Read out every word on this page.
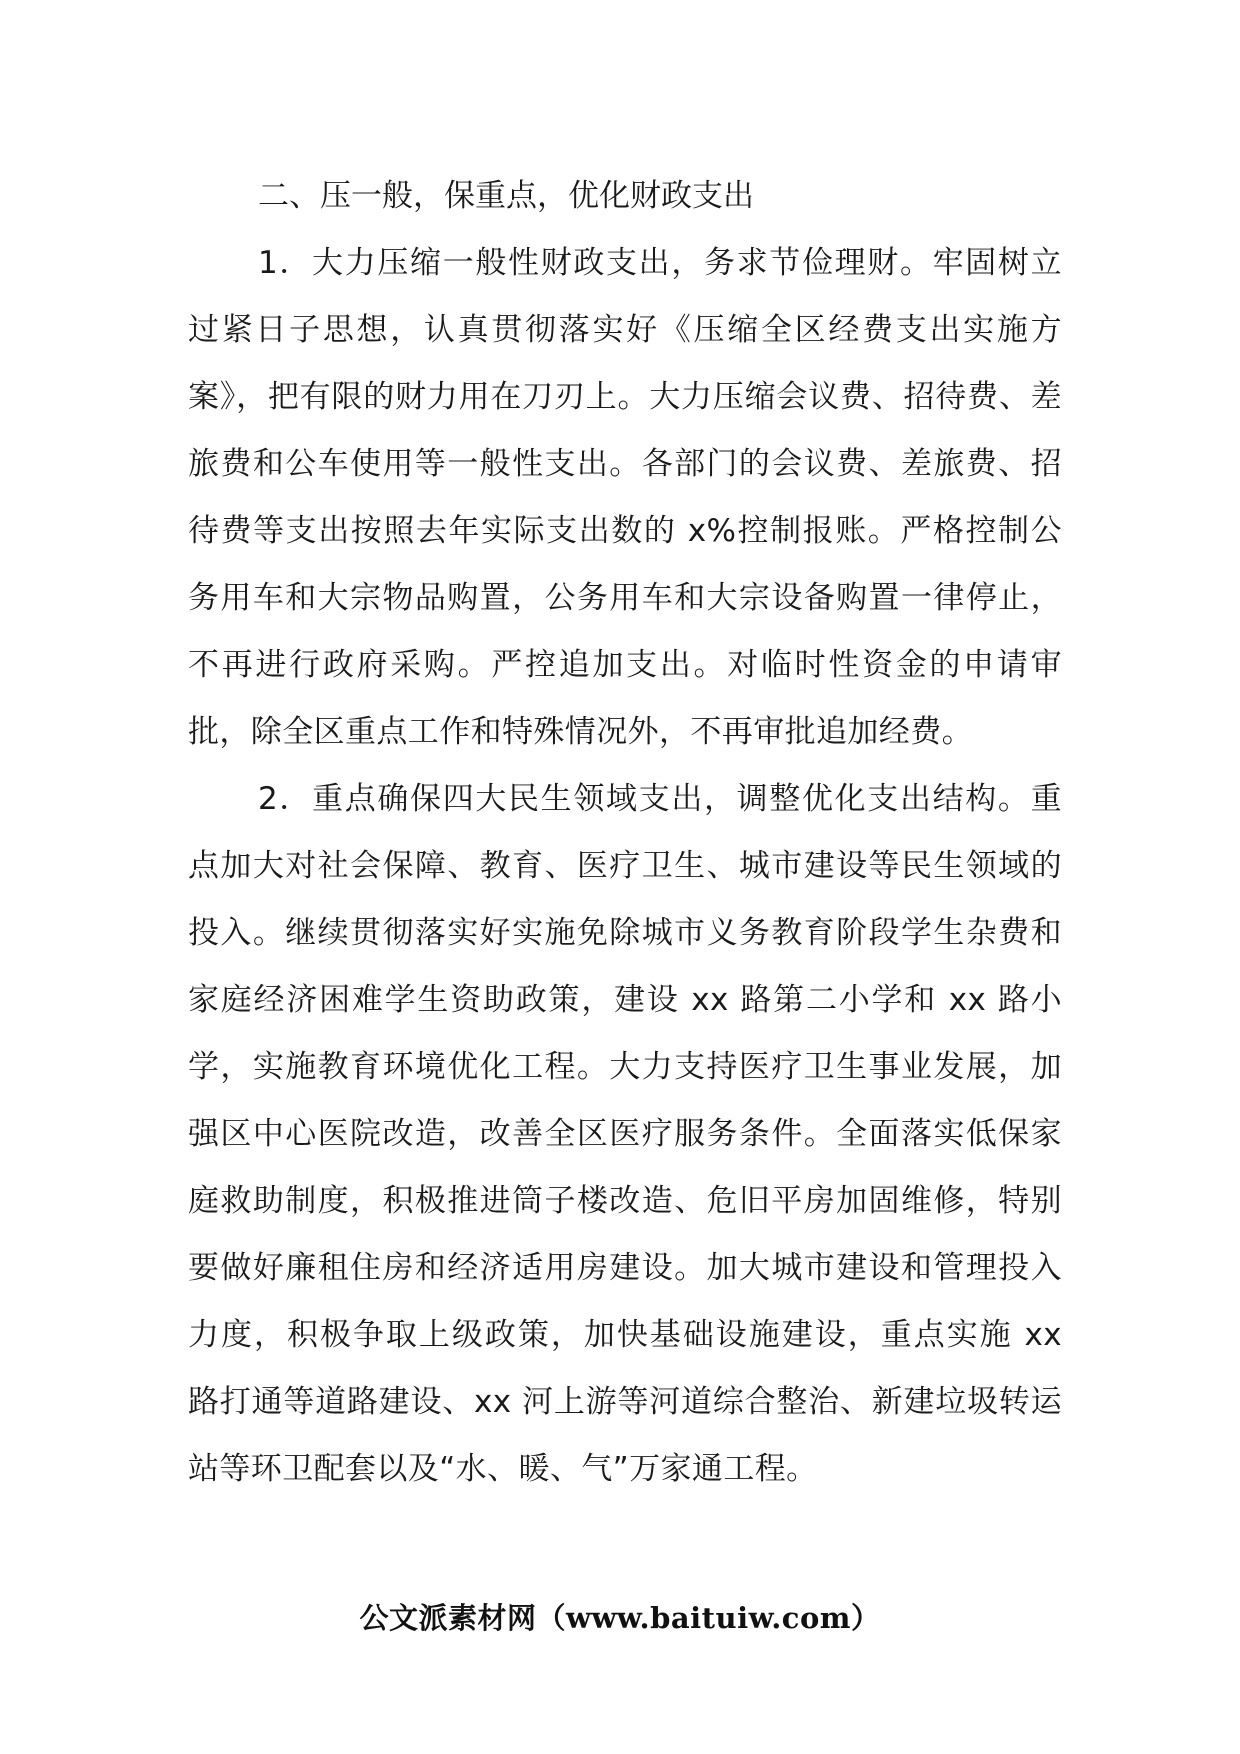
二、压一般，保重点，优化财政支出

1．大力压缩一般性财政支出，务求节俭理财。牢固树立过紧日子思想，认真贯彻落实好《压缩全区经费支出实施方案》，把有限的财力用在刀刃上。大力压缩会议费、招待费、差旅费和公车使用等一般性支出。各部门的会议费、差旅费、招待费等支出按照去年实际支出数的 x%控制报账。严格控制公务用车和大宗物品购置，公务用车和大宗设备购置一律停止，不再进行政府采购。严控追加支出。对临时性资金的申请审批，除全区重点工作和特殊情况外，不再审批追加经费。

2．重点确保四大民生领域支出，调整优化支出结构。重点加大对社会保障、教育、医疗卫生、城市建设等民生领域的投入。继续贯彻落实好实施免除城市义务教育阶段学生杂费和家庭经济困难学生资助政策，建设 xx 路第二小学和 xx 路小学，实施教育环境优化工程。大力支持医疗卫生事业发展，加强区中心医院改造，改善全区医疗服务条件。全面落实低保家庭救助制度，积极推进筒子楼改造、危旧平房加固维修，特别要做好廉租住房和经济适用房建设。加大城市建设和管理投入力度，积极争取上级政策，加快基础设施建设，重点实施 xx 路打通等道路建设、xx 河上游等河道综合整治、新建垃圾转运站等环卫配套以及“水、暖、气”万家通工程。

公文派素材网（www.baituiw.com）
